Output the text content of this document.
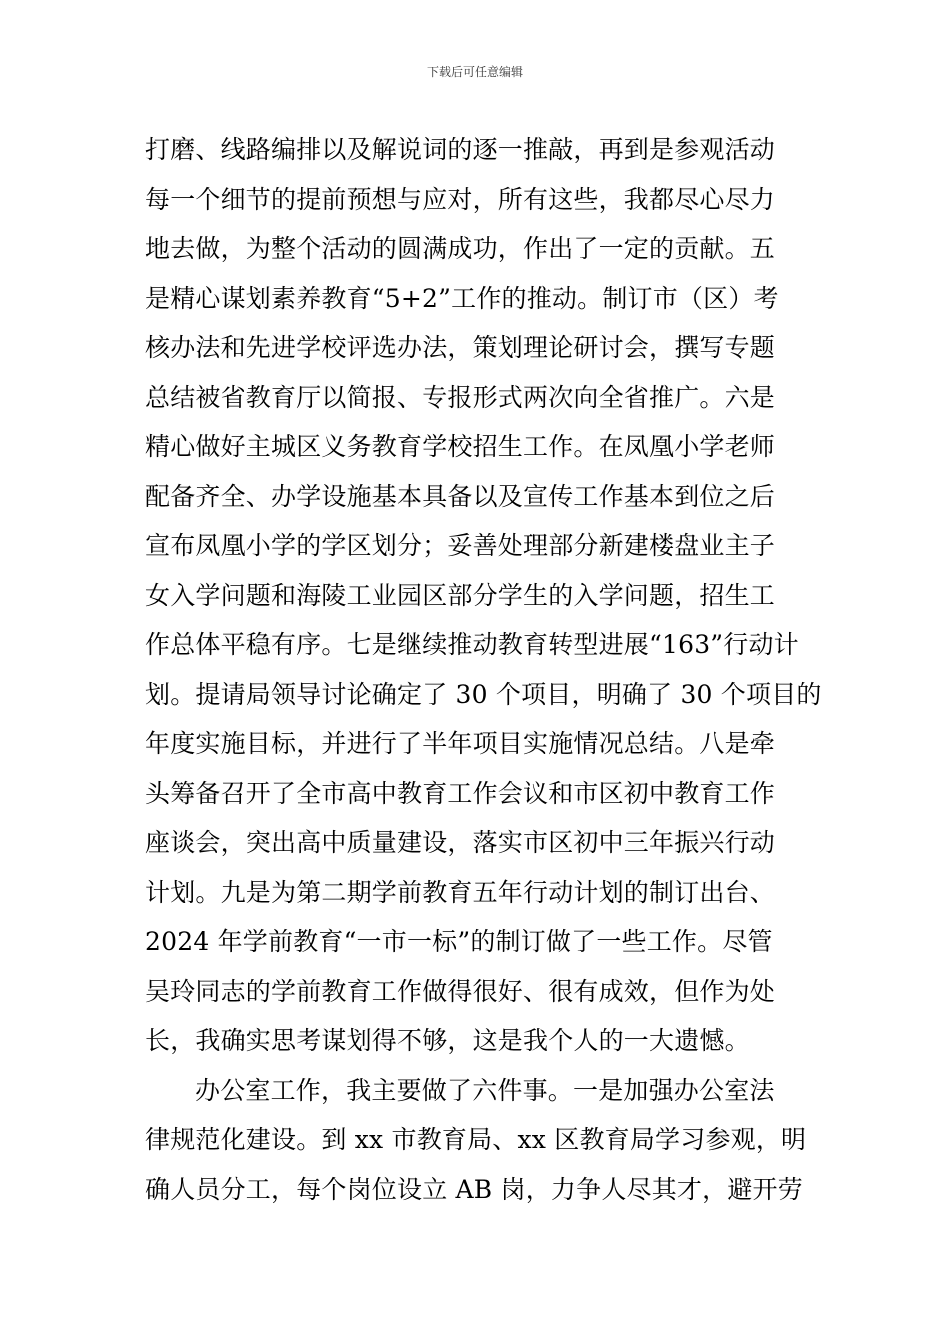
下载后可任意编辑
打磨、线路编排以及解说词的逐一推敲，再到是参观活动
每一个细节的提前预想与应对，所有这些，我都尽心尽力
地去做，为整个活动的圆满成功，作出了一定的贡献。五
是精心谋划素养教育“5+2”工作的推动。制订市（区）考
核办法和先进学校评选办法，策划理论研讨会，撰写专题
总结被省教育厅以简报、专报形式两次向全省推广。六是
精心做好主城区义务教育学校招生工作。在凤凰小学老师
配备齐全、办学设施基本具备以及宣传工作基本到位之后
宣布凤凰小学的学区划分；妥善处理部分新建楼盘业主子
女入学问题和海陵工业园区部分学生的入学问题，招生工
作总体平稳有序。七是继续推动教育转型进展“163”行动计
划。提请局领导讨论确定了 30 个项目，明确了 30 个项目的
年度实施目标，并进行了半年项目实施情况总结。八是牵
头筹备召开了全市高中教育工作会议和市区初中教育工作
座谈会，突出高中质量建设，落实市区初中三年振兴行动
计划。九是为第二期学前教育五年行动计划的制订出台、
2024 年学前教育“一市一标”的制订做了一些工作。尽管
吴玲同志的学前教育工作做得很好、很有成效，但作为处
长，我确实思考谋划得不够，这是我个人的一大遗憾。
办公室工作，我主要做了六件事。一是加强办公室法
律规范化建设。到 xx 市教育局、xx 区教育局学习参观，明
确人员分工，每个岗位设立 AB 岗，力争人尽其才，避开劳
